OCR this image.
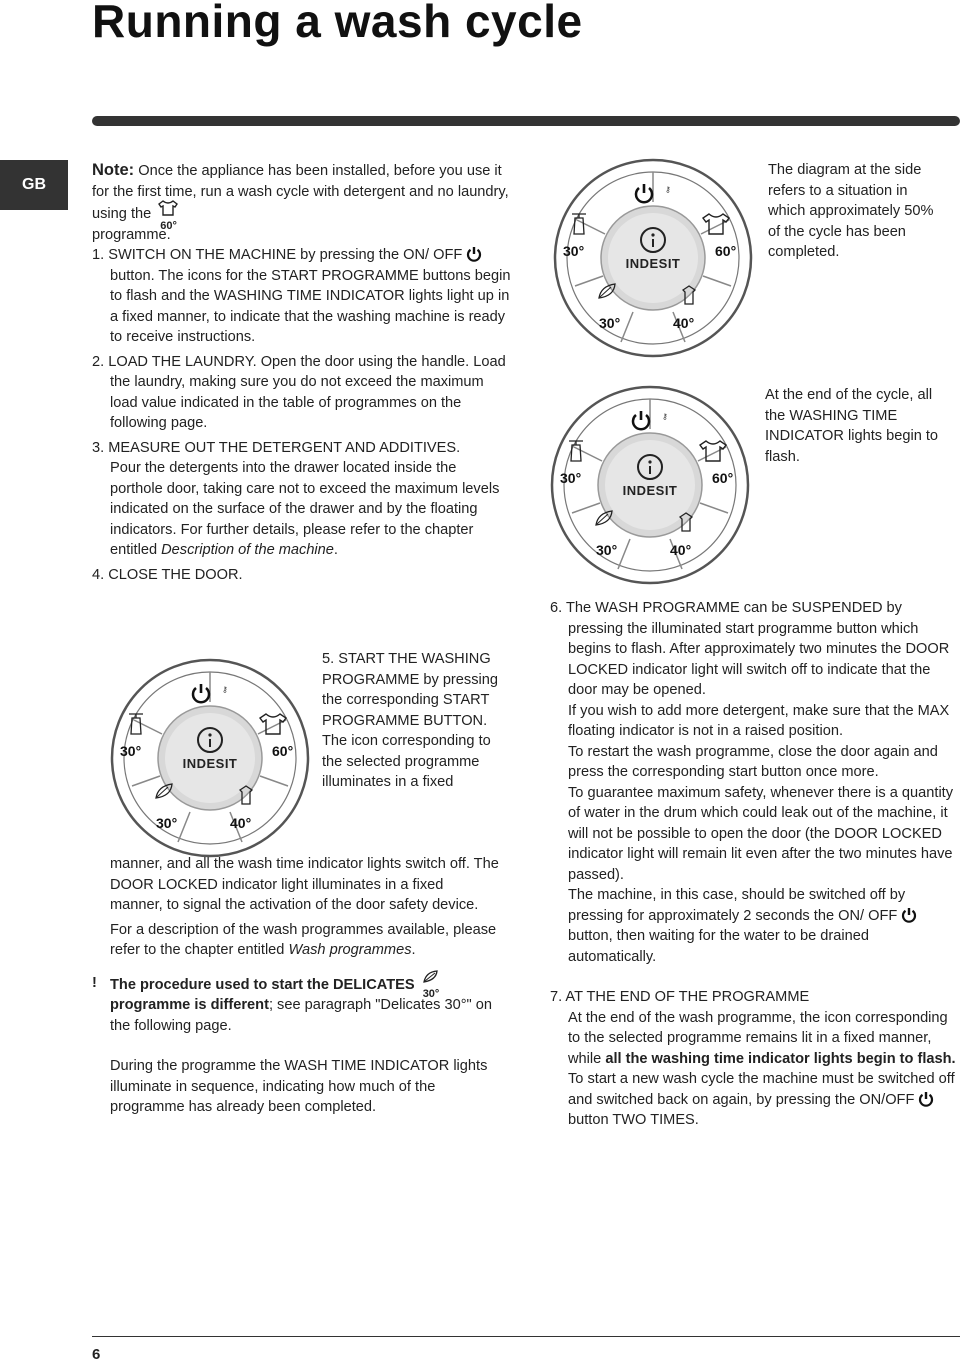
Running a wash cycle
GB

Note: Once the appliance has been installed, before you use it for the first time, run a wash cycle with detergent and no laundry, using the
60°

programme.

1. SWITCH ON THE MACHINE by pressing the ON/ OFF  button. The icons for the START PROGRAMME buttons begin to flash and the WASHING TIME INDICATOR lights light up in a fixed manner, to indicate that the washing machine is ready to receive instructions.

2. LOAD THE LAUNDRY. Open the door using the handle. Load the laundry, making sure you do not exceed the maximum load value indicated in the table of programmes on the following page.

3. MEASURE OUT THE DETERGENT AND ADDITIVES.

Pour the detergents into the drawer located inside the porthole door, taking care not to exceed the maximum levels indicated on the surface of the drawer and by the floating indicators. For further details, please refer to the chapter entitled Description of the machine.

4. CLOSE THE DOOR.

5. START THE WASHING PROGRAMME by pressing the corresponding START PROGRAMME BUTTON. The icon corresponding to the selected programme illuminates in a fixed

manner, and all the wash time indicator lights switch off. The DOOR LOCKED indicator light illuminates in a fixed manner, to signal the activation of the door safety device.

For a description of the wash programmes available, please refer to the chapter entitled Wash programmes.

! The procedure used to start the DELICATES
30°

programme is different; see paragraph "Delicates 30°" on the following page.

During the programme the WASH TIME INDICATOR lights illuminate in sequence, indicating how much of the programme has already been completed.

INDESIT
⚷
30°	60°
30°	40°
INDESIT
⚷
30°	60°
30°	40°
INDESIT
⚷
30°	60°
30°	40°

The diagram at the side refers to a situation in which approximately 50% of the cycle has been completed.

At the end of the cycle, all the WASHING TIME INDICATOR lights begin to flash.

6. The WASH PROGRAMME can be SUSPENDED by pressing the illuminated start programme button which begins to flash. After approximately two minutes the DOOR LOCKED indicator light will switch off to indicate that the door may be opened.

If you wish to add more detergent, make sure that the MAX floating indicator is not in a raised position.

To restart the wash programme, close the door again and press the corresponding start button once more.

To guarantee maximum safety, whenever there is a quantity of water in the drum which could leak out of the machine, it will not be possible to open the door (the DOOR LOCKED indicator light will remain lit even after the two minutes have passed).

The machine, in this case, should be switched off by pressing for approximately 2 seconds the ON/ OFF  button, then waiting for the water to be drained automatically.

7. AT THE END OF THE PROGRAMME

At the end of the wash programme, the icon corresponding to the selected programme remains lit in a fixed manner, while all the washing time indicator lights begin to flash.

To start a new wash cycle the machine must be switched off and switched back on again, by pressing the ON/OFF  button TWO TIMES.

6
